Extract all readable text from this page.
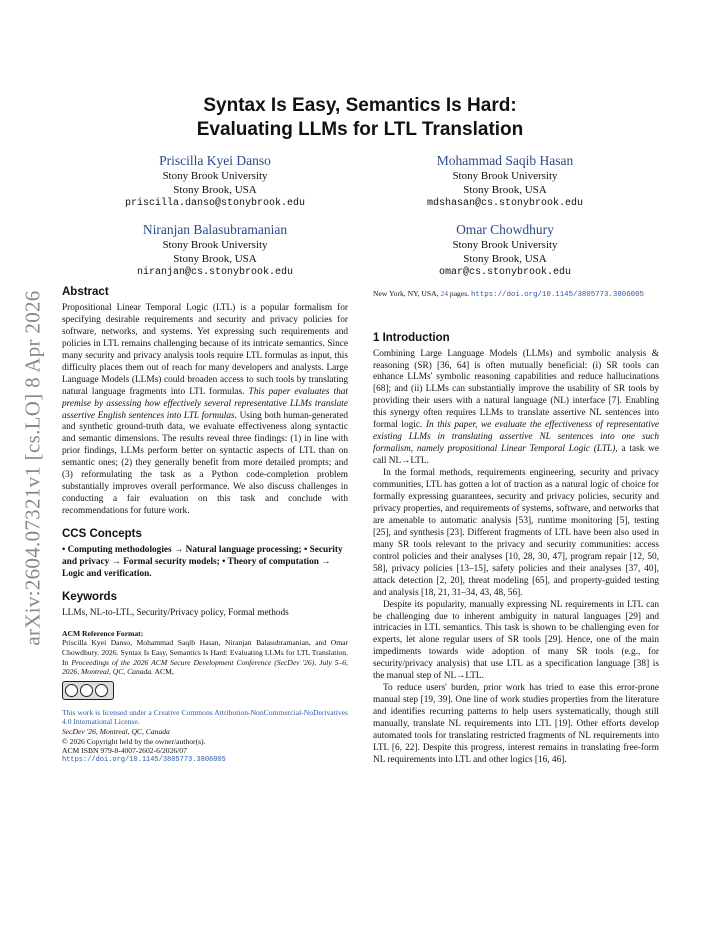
arXiv:2604.07321v1 [cs.LO] 8 Apr 2026
Syntax Is Easy, Semantics Is Hard:
Evaluating LLMs for LTL Translation
Priscilla Kyei Danso
Stony Brook University
Stony Brook, USA
priscilla.danso@stonybrook.edu
Mohammad Saqib Hasan
Stony Brook University
Stony Brook, USA
mdshasan@cs.stonybrook.edu
Niranjan Balasubramanian
Stony Brook University
Stony Brook, USA
niranjan@cs.stonybrook.edu
Omar Chowdhury
Stony Brook University
Stony Brook, USA
omar@cs.stonybrook.edu
Abstract

Propositional Linear Temporal Logic (LTL) is a popular formalism for specifying desirable requirements and security and privacy policies for software, networks, and systems. Yet expressing such requirements and policies in LTL remains challenging because of its intricate semantics. Since many security and privacy analysis tools require LTL formulas as input, this difficulty places them out of reach for many developers and analysts. Large Language Models (LLMs) could broaden access to such tools by translating natural language fragments into LTL formulas. This paper evaluates that premise by assessing how effectively several representative LLMs translate assertive English sentences into LTL formulas. Using both human-generated and synthetic ground-truth data, we evaluate effectiveness along syntactic and semantic dimensions. The results reveal three findings: (1) in line with prior findings, LLMs perform better on syntactic aspects of LTL than on semantic ones; (2) they generally benefit from more detailed prompts; and (3) reformulating the task as a Python code-completion problem substantially improves overall performance. We also discuss challenges in conducting a fair evaluation on this task and conclude with recommendations for future work.

CCS Concepts

• Computing methodologies → Natural language processing; • Security and privacy → Formal security models; • Theory of computation → Logic and verification.

Keywords

LLMs, NL-to-LTL, Security/Privacy policy, Formal methods

ACM Reference Format:

Priscilla Kyei Danso, Mohammad Saqib Hasan, Niranjan Balasubramanian, and Omar Chowdhury. 2026. Syntax Is Easy, Semantics Is Hard: Evaluating LLMs for LTL Translation. In Proceedings of the 2026 ACM Secure Development Conference (SecDev '26), July 5–6, 2026, Montreal, QC, Canada. ACM,

This work is licensed under a Creative Commons Attribution-NonCommercial-NoDerivatives 4.0 International License.

SecDev '26, Montreal, QC, Canada

© 2026 Copyright held by the owner/author(s).

ACM ISBN 979-8-4007-2602-6/2026/07

https://doi.org/10.1145/3805773.3806005

New York, NY, USA, 24 pages. https://doi.org/10.1145/3805773.3806005

1 Introduction

Combining Large Language Models (LLMs) and symbolic analysis & reasoning (SR) [36, 64] is often mutually beneficial: (i) SR tools can enhance LLMs' symbolic reasoning capabilities and reduce hallucinations [68]; and (ii) LLMs can substantially improve the usability of SR tools by providing their users with a natural language (NL) interface [7]. Enabling this synergy often requires LLMs to translate assertive NL sentences into formal logic. In this paper, we evaluate the effectiveness of representative existing LLMs in translating assertive NL sentences into one such formalism, namely propositional Linear Temporal Logic (LTL), a task we call NL→LTL.

In the formal methods, requirements engineering, security and privacy communities, LTL has gotten a lot of traction as a natural logic of choice for formally expressing guarantees, security and privacy policies, security and privacy properties, and requirements of systems, software, and networks that are amenable to automatic analysis [53], runtime monitoring [5], testing [25], and synthesis [23]. Different fragments of LTL have been also used in many SR tools relevant to the privacy and security communities: access control policies and their analyses [10, 28, 30, 47], program repair [12, 50, 58], privacy policies [13–15], safety policies and their analyses [37, 40], attack detection [2, 20], threat modeling [65], and property-guided testing and analysis [18, 21, 31–34, 43, 48, 56].

Despite its popularity, manually expressing NL requirements in LTL can be challenging due to inherent ambiguity in natural languages [29] and intricacies in LTL semantics. This task is shown to be challenging even for experts, let alone regular users of SR tools [29]. Hence, one of the main impediments towards wide adoption of many SR tools (e.g., for security/privacy analysis) that use LTL as a specification language [38] is the manual step of NL→LTL.

To reduce users' burden, prior work has tried to ease this error-prone manual step [19, 39]. One line of work studies properties from the literature and identifies recurring patterns to help users systematically, though still manually, translate NL requirements into LTL [19]. Other efforts develop automated tools for translating restricted fragments of NL requirements into LTL [6, 22]. Despite this progress, interest remains in translating free-form NL requirements into LTL and other logics [16, 46].
